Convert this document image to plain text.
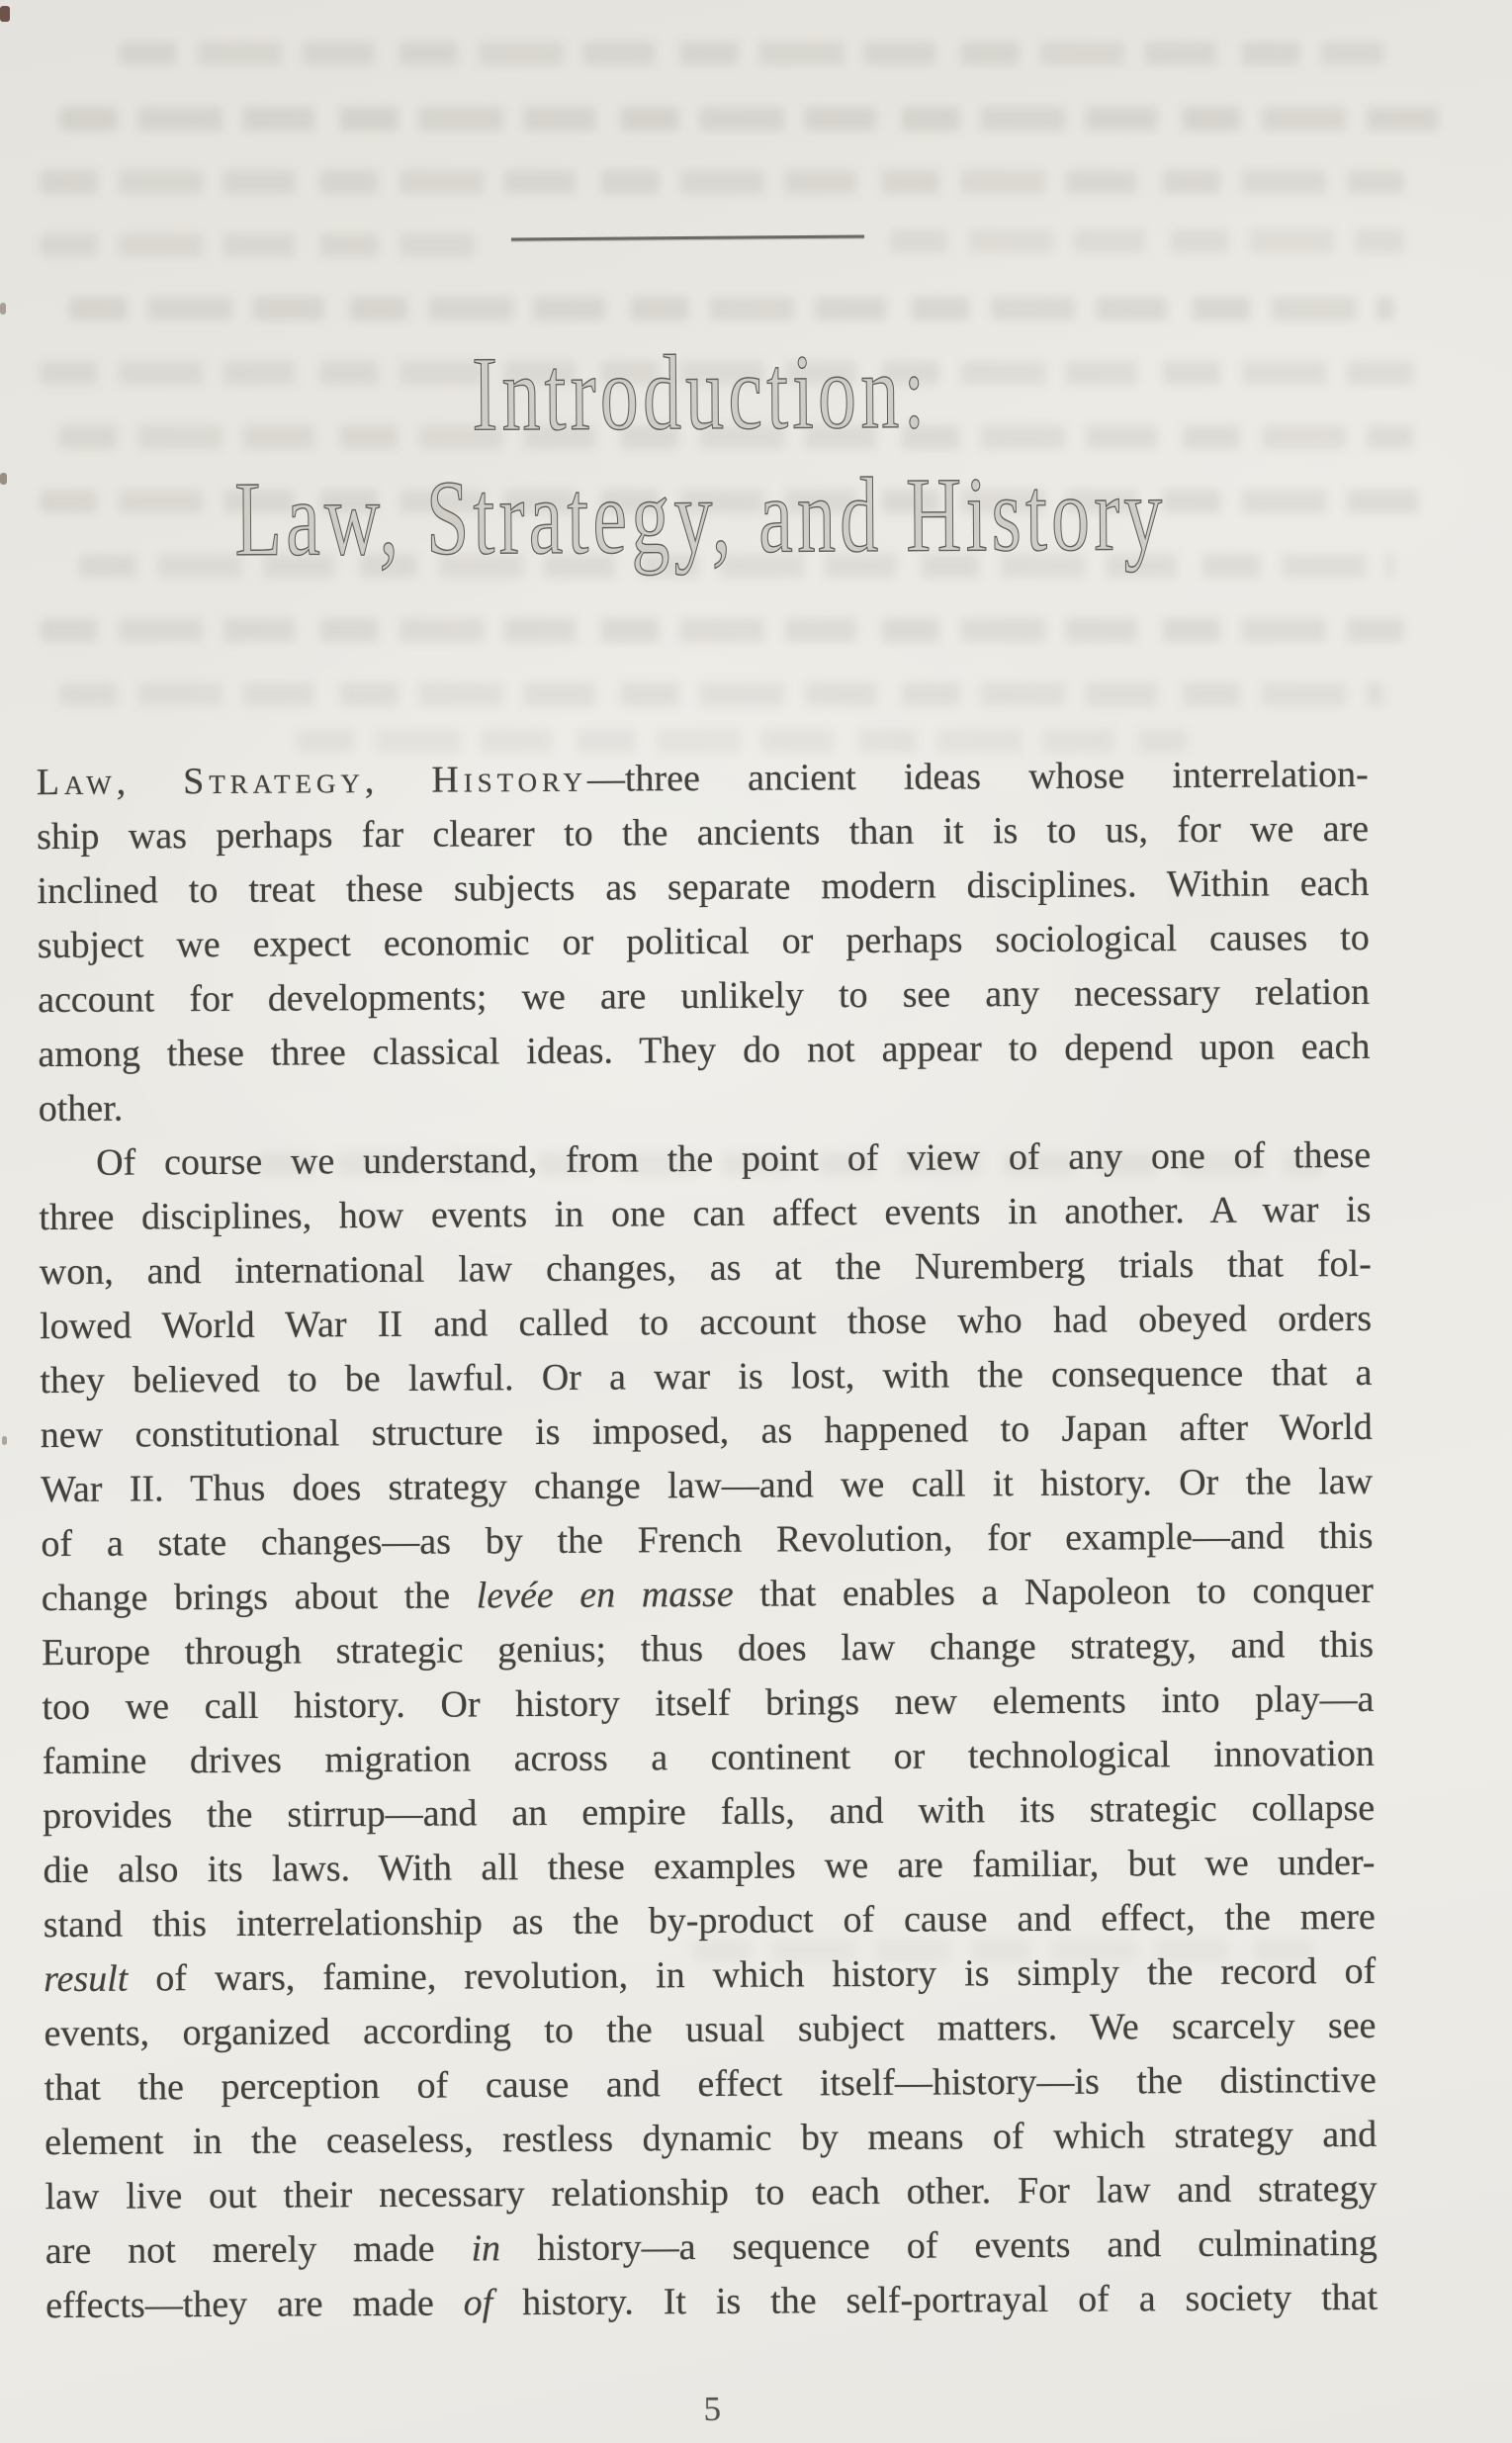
Introduction:
Law, Strategy, and History
Law, Strategy, History—three ancient ideas whose interrelation-
ship was perhaps far clearer to the ancients than it is to us, for we are
inclined to treat these subjects as separate modern disciplines. Within each
subject we expect economic or political or perhaps sociological causes to
account for developments; we are unlikely to see any necessary relation
among these three classical ideas. They do not appear to depend upon each
other.
Of course we understand, from the point of view of any one of these
three disciplines, how events in one can affect events in another. A war is
won, and international law changes, as at the Nuremberg trials that fol-
lowed World War II and called to account those who had obeyed orders
they believed to be lawful. Or a war is lost, with the consequence that a
new constitutional structure is imposed, as happened to Japan after World
War II. Thus does strategy change law—and we call it history. Or the law
of a state changes—as by the French Revolution, for example—and this
change brings about the levée en masse that enables a Napoleon to conquer
Europe through strategic genius; thus does law change strategy, and this
too we call history. Or history itself brings new elements into play—a
famine drives migration across a continent or technological innovation
provides the stirrup—and an empire falls, and with its strategic collapse
die also its laws. With all these examples we are familiar, but we under-
stand this interrelationship as the by-product of cause and effect, the mere
result of wars, famine, revolution, in which history is simply the record of
events, organized according to the usual subject matters. We scarcely see
that the perception of cause and effect itself—history—is the distinctive
element in the ceaseless, restless dynamic by means of which strategy and
law live out their necessary relationship to each other. For law and strategy
are not merely made in history—a sequence of events and culminating
effects—they are made of history. It is the self-portrayal of a society that
5
